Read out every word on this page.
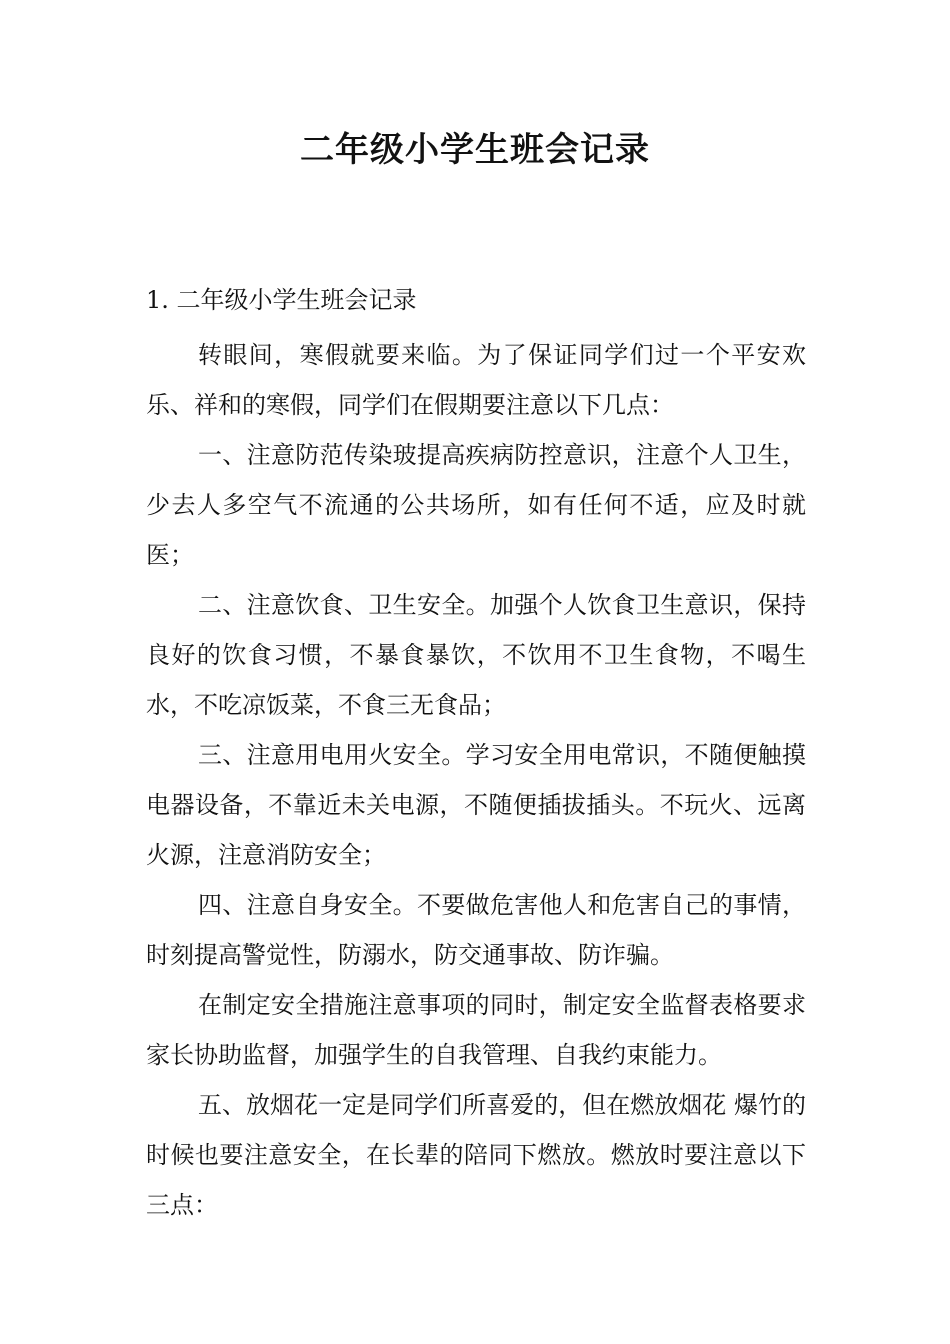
二年级小学生班会记录
1. 二年级小学生班会记录

转眼间，寒假就要来临。为了保证同学们过一个平安欢乐、祥和的寒假，同学们在假期要注意以下几点：

一、注意防范传染玻提高疾病防控意识，注意个人卫生，少去人多空气不流通的公共场所，如有任何不适，应及时就医；

二、注意饮食、卫生安全。加强个人饮食卫生意识，保持良好的饮食习惯，不暴食暴饮，不饮用不卫生食物，不喝生水，不吃凉饭菜，不食三无食品；

三、注意用电用火安全。学习安全用电常识，不随便触摸电器设备，不靠近未关电源，不随便插拔插头。不玩火、远离火源，注意消防安全；

四、注意自身安全。不要做危害他人和危害自己的事情，时刻提高警觉性，防溺水，防交通事故、防诈骗。

在制定安全措施注意事项的同时，制定安全监督表格要求家长协助监督，加强学生的自我管理、自我约束能力。

五、放烟花一定是同学们所喜爱的，但在燃放烟花 爆竹的时候也要注意安全，在长辈的陪同下燃放。燃放时要注意以下三点：
